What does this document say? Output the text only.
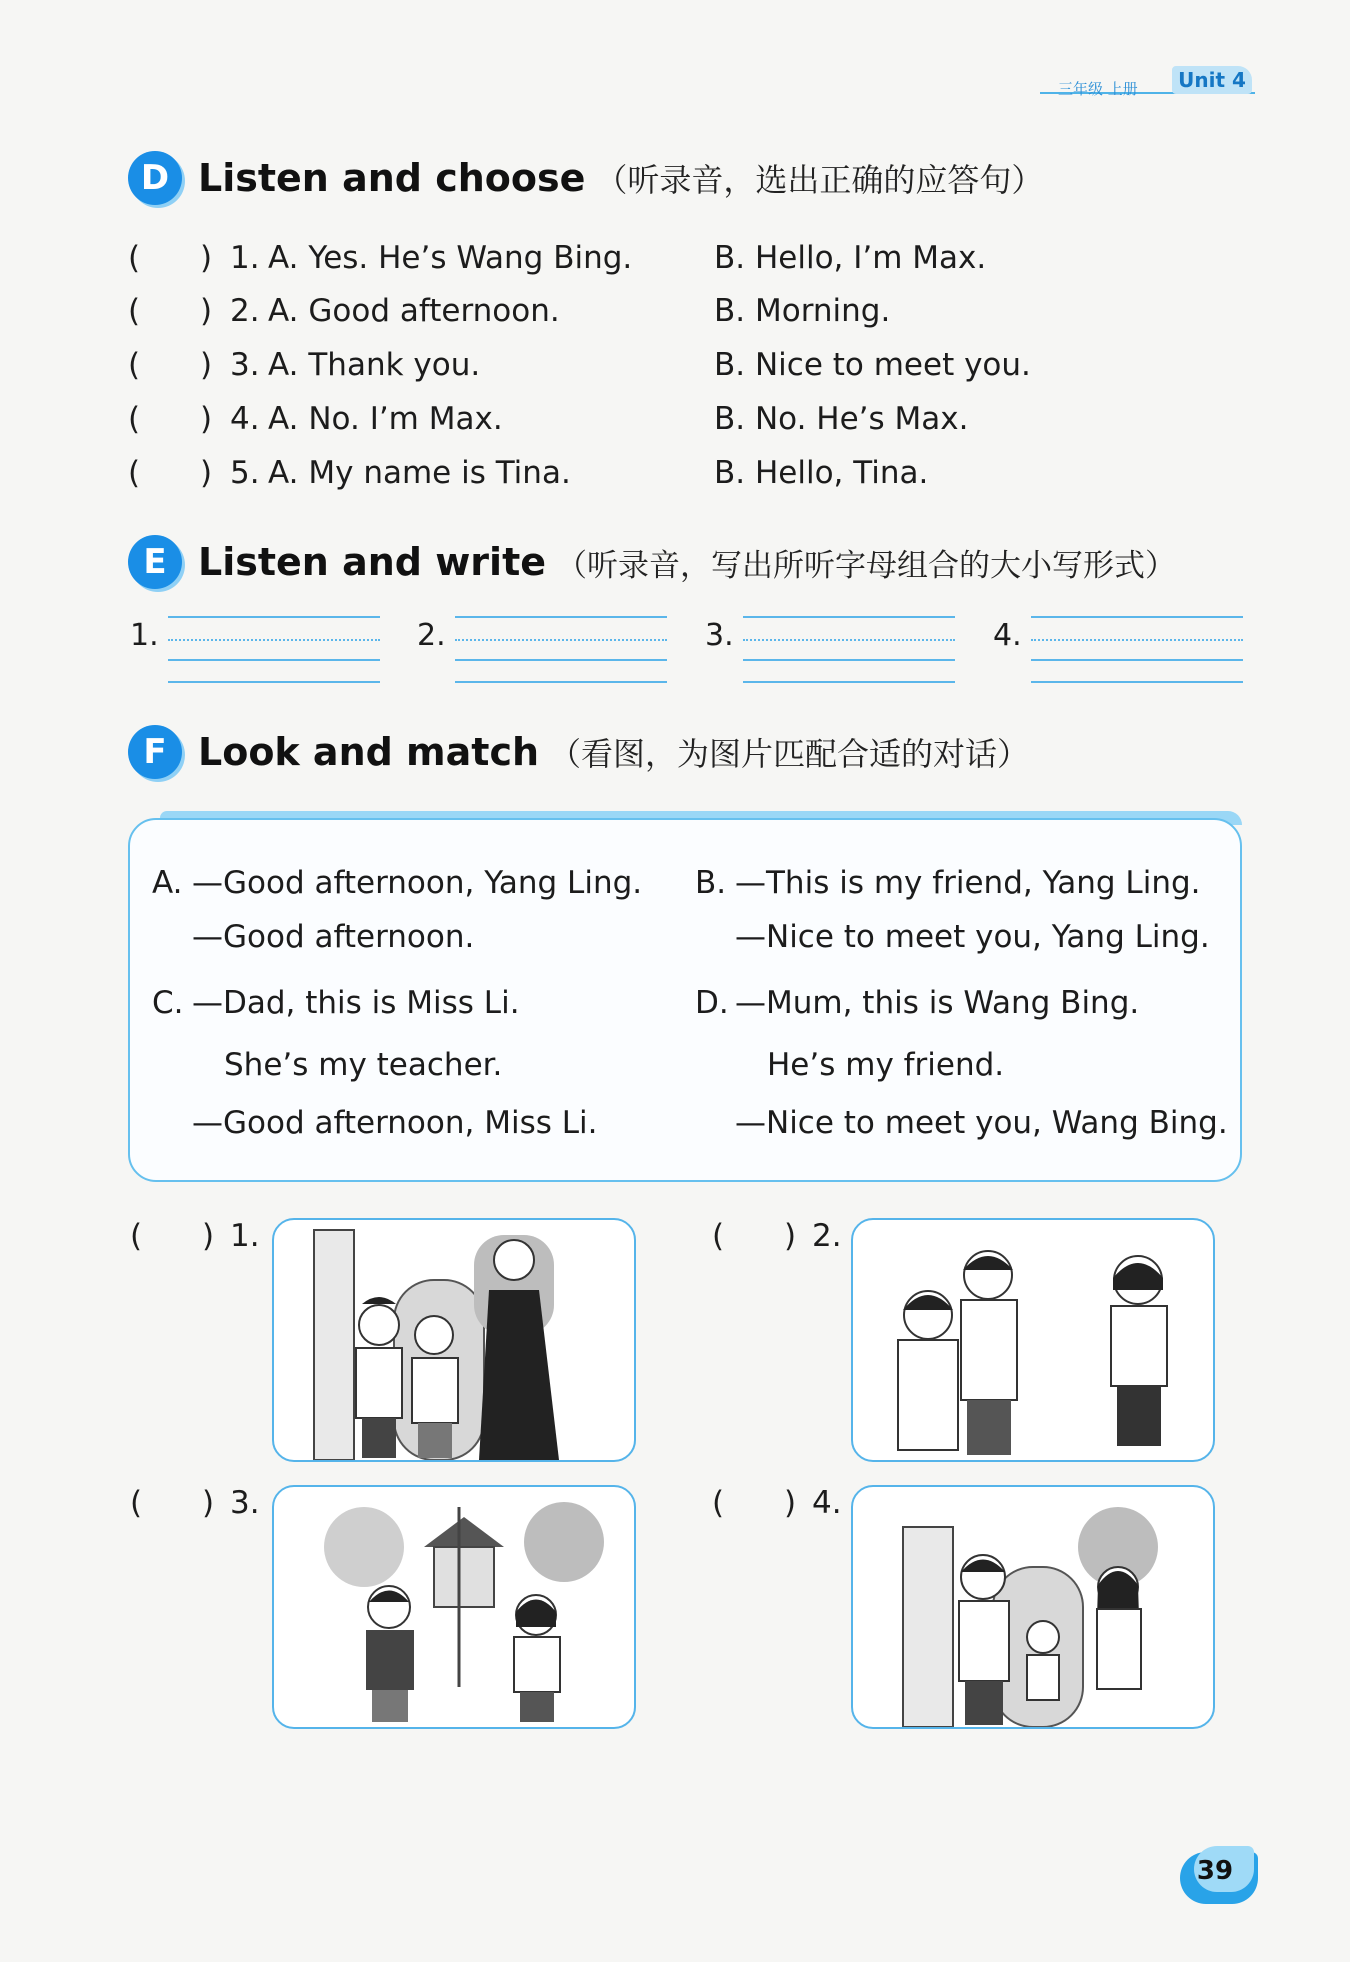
三年级 上册	Unit 4
D Listen and choose （听录音，选出正确的应答句）
( ) 1. A. Yes. He’s Wang Bing.	B. Hello, I’m Max.
( ) 2. A. Good afternoon.	B. Morning.
( ) 3. A. Thank you.	B. Nice to meet you.
( ) 4. A. No. I’m Max.	B. No. He’s Max.
( ) 5. A. My name is Tina.	B. Hello, Tina.
E Listen and write （听录音，写出所听字母组合的大小写形式）
1.	2.	3.	4.
F Look and match （看图，为图片匹配合适的对话）
A. —Good afternoon, Yang Ling.
—Good afternoon.
B. —This is my friend, Yang Ling.
—Nice to meet you, Yang Ling.
C. —Dad, this is Miss Li.
She’s my teacher.
—Good afternoon, Miss Li.
D. —Mum, this is Wang Bing.
He’s my friend.
—Nice to meet you, Wang Bing.
( ) 1.	( ) 2.
( ) 3.	( ) 4.
39
